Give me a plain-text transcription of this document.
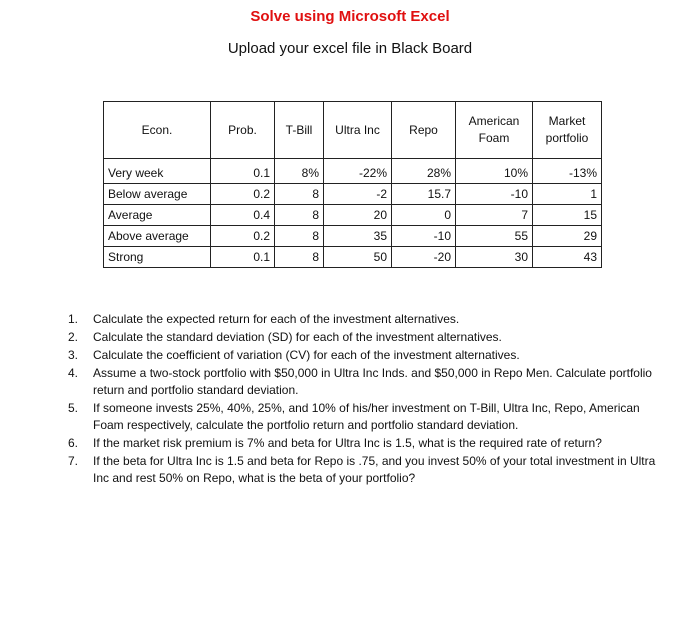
Solve using Microsoft Excel
Upload your excel file in Black Board
Econ.	Prob.	T-Bill	Ultra Inc	Repo	American Foam	Market portfolio
Very week	0.1	8%	-22%	28%	10%	-13%
Below average	0.2	8	-2	15.7	-10	1
Average	0.4	8	20	0	7	15
Above average	0.2	8	35	-10	55	29
Strong	0.1	8	50	-20	30	43
1. Calculate the expected return for each of the investment alternatives.
2. Calculate the standard deviation (SD) for each of the investment alternatives.
3. Calculate the coefficient of variation (CV) for each of the investment alternatives.
4. Assume a two-stock portfolio with $50,000 in Ultra Inc Inds. and $50,000 in Repo Men. Calculate portfolio return and portfolio standard deviation.
5. If someone invests 25%, 40%, 25%, and 10% of his/her investment on T-Bill, Ultra Inc, Repo, American Foam respectively, calculate the portfolio return and portfolio standard deviation.
6. If the market risk premium is 7% and beta for Ultra Inc is 1.5, what is the required rate of return?
7. If the beta for Ultra Inc is 1.5 and beta for Repo is .75, and you invest 50% of your total investment in Ultra Inc and rest 50% on Repo, what is the beta of your portfolio?
